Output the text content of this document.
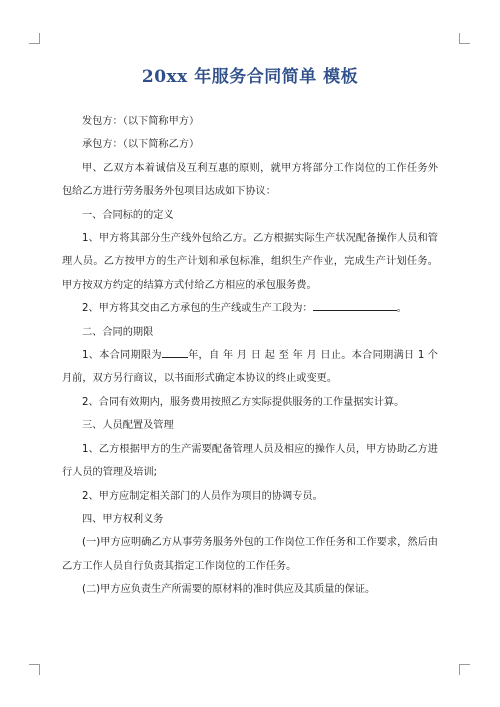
20xx 年服务合同简单 模板

发包方：（以下简称甲方）

承包方：（以下简称乙方）

甲、乙双方本着诚信及互利互惠的原则，就甲方将部分工作岗位的工作任务外包给乙方进行劳务服务外包项目达成如下协议：

一、合同标的的定义

1、甲方将其部分生产线外包给乙方。乙方根据实际生产状况配备操作人员和管理人员。乙方按甲方的生产计划和承包标准，组织生产作业，完成生产计划任务。甲方按双方约定的结算方式付给乙方相应的承包服务费。

2、甲方将其交由乙方承包的生产线或生产工段为：	。

二、合同的期限

1、本合同期限为	年，自 年 月 日 起 至 年 月 日止。本合同期满日 1 个月前，双方另行商议，以书面形式确定本协议的终止或变更。

2、合同有效期内，服务费用按照乙方实际提供服务的工作量据实计算。

三、人员配置及管理

1、乙方根据甲方的生产需要配备管理人员及相应的操作人员，甲方协助乙方进行人员的管理及培训;

2、甲方应制定相关部门的人员作为项目的协调专员。

四、甲方权利义务

(一)甲方应明确乙方从事劳务服务外包的工作岗位工作任务和工作要求，然后由乙方工作人员自行负责其指定工作岗位的工作任务。

(二)甲方应负责生产所需要的原材料的准时供应及其质量的保证。
